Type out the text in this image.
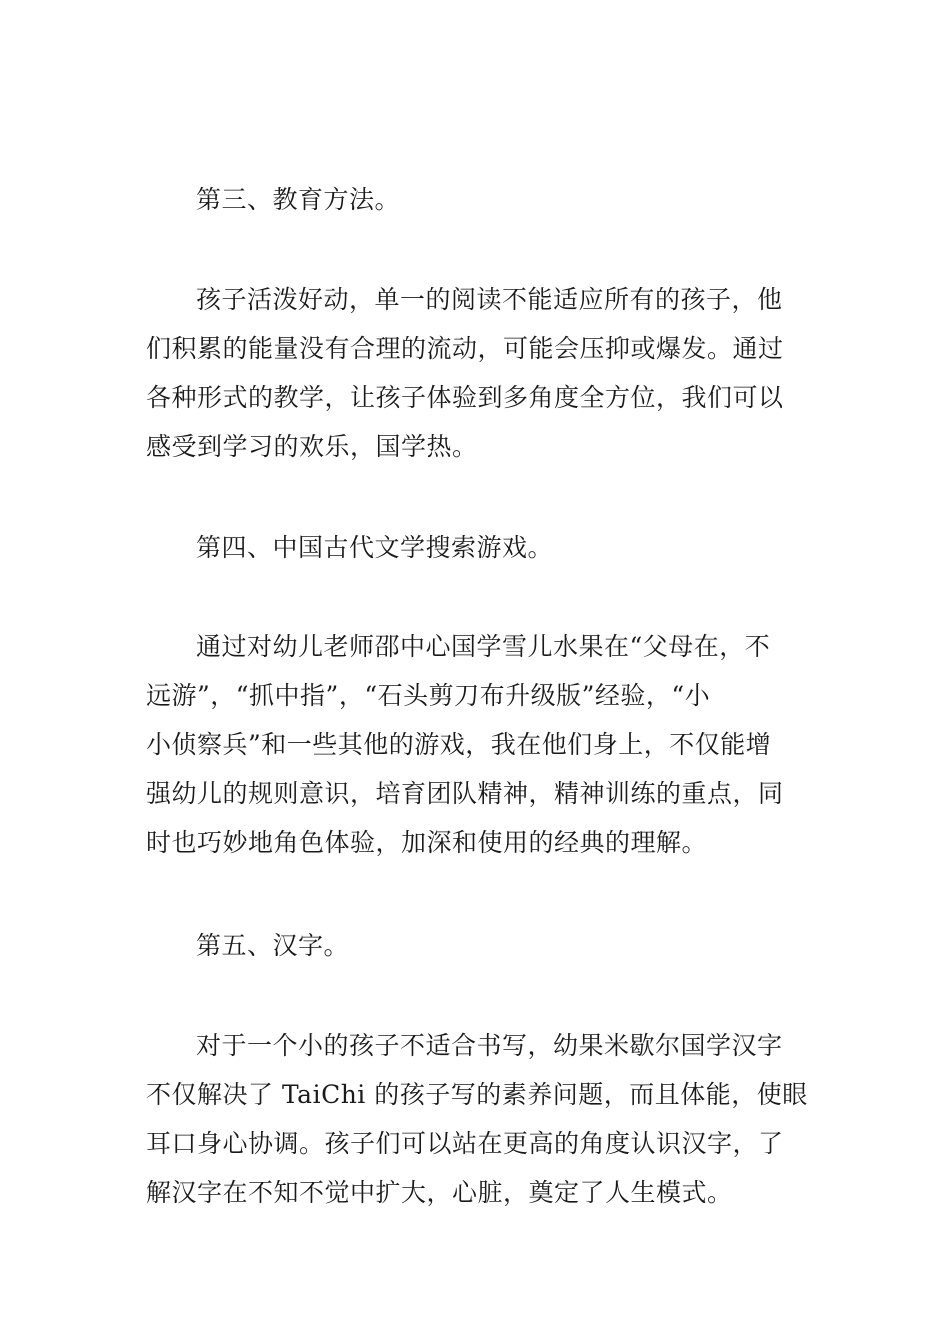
第三、教育方法。
孩子活泼好动，单一的阅读不能适应所有的孩子，他
们积累的能量没有合理的流动，可能会压抑或爆发。通过
各种形式的教学，让孩子体验到多角度全方位，我们可以
感受到学习的欢乐，国学热。
第四、中国古代文学搜索游戏。
通过对幼儿老师邵中心国学雪儿水果在“父母在，不
远游”，“抓中指”，“石头剪刀布升级版”经验，“小
小侦察兵”和一些其他的游戏，我在他们身上，不仅能增
强幼儿的规则意识，培育团队精神，精神训练的重点，同
时也巧妙地角色体验，加深和使用的经典的理解。
第五、汉字。
对于一个小的孩子不适合书写，幼果米歇尔国学汉字
不仅解决了 TaiChi 的孩子写的素养问题，而且体能，使眼
耳口身心协调。孩子们可以站在更高的角度认识汉字，了
解汉字在不知不觉中扩大，心脏，奠定了人生模式。
